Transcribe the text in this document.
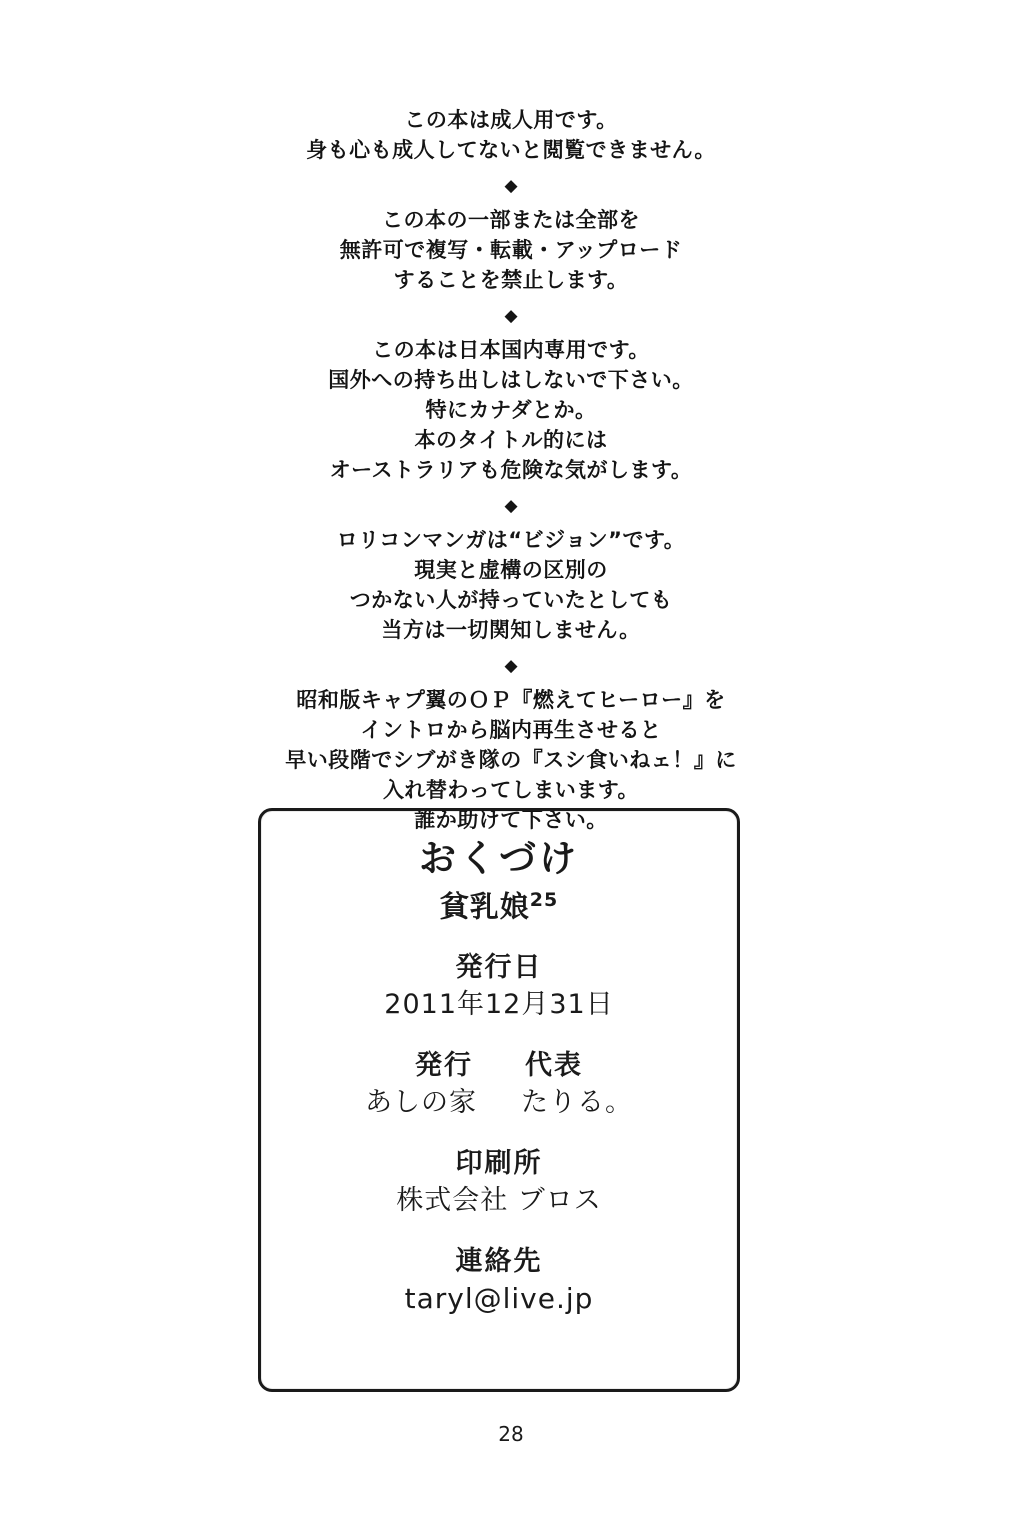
この本は成人用です。
身も心も成人してないと閲覧できません。
◆
この本の一部または全部を
無許可で複写・転載・アップロード
することを禁止します。
◆
この本は日本国内専用です。
国外への持ち出しはしないで下さい。
特にカナダとか。
本のタイトル的には
オーストラリアも危険な気がします。
◆
ロリコンマンガは“ビジョン”です。
現実と虚構の区別の
つかない人が持っていたとしても
当方は一切関知しません。
◆
昭和版キャプ翼のＯＰ『燃えてヒーロー』を
イントロから脳内再生させると
早い段階でシブがき隊の『スシ食いねェ！』に
入れ替わってしまいます。
誰か助けて下さい。
おくづけ
貧乳娘$^{25}$
発行日
2011年12月31日
発行 代表
あしの家 たりる。
印刷所
株式会社 ブロス
連絡先
taryl@live.jp
28
